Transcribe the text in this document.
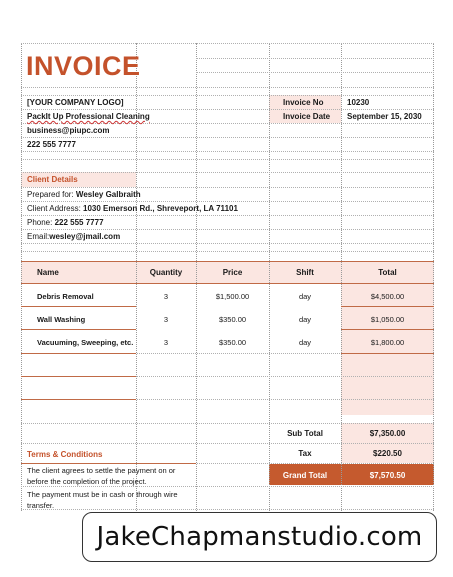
INVOICE
[YOUR COMPANY LOGO]
PackIt Up Professional Cleaning
business@piupc.com
222 555 7777
Invoice No	10230
Invoice Date September 15, 2030
Client Details
Prepared for: Wesley Galbraith
Client Address: 1030 Emerson Rd., Shreveport, LA 71101
Phone: 222 555 7777
Email:wesley@jmail.com
Name	Quantity	Price	Shift	Total
Debris Removal	3	$1,500.00	day	$4,500.00
Wall Washing	3	$350.00	day	$1,050.00
Vacuuming, Sweeping, etc.	3	$350.00	day	$1,800.00
Sub Total	$7,350.00
Tax	$220.50
Grand Total	$7,570.50
Terms & Conditions
The client agrees to settle the payment on or
before the completion of the project.
The payment must be in cash or through wire
transfer.
JakeChapmanstudio.com
